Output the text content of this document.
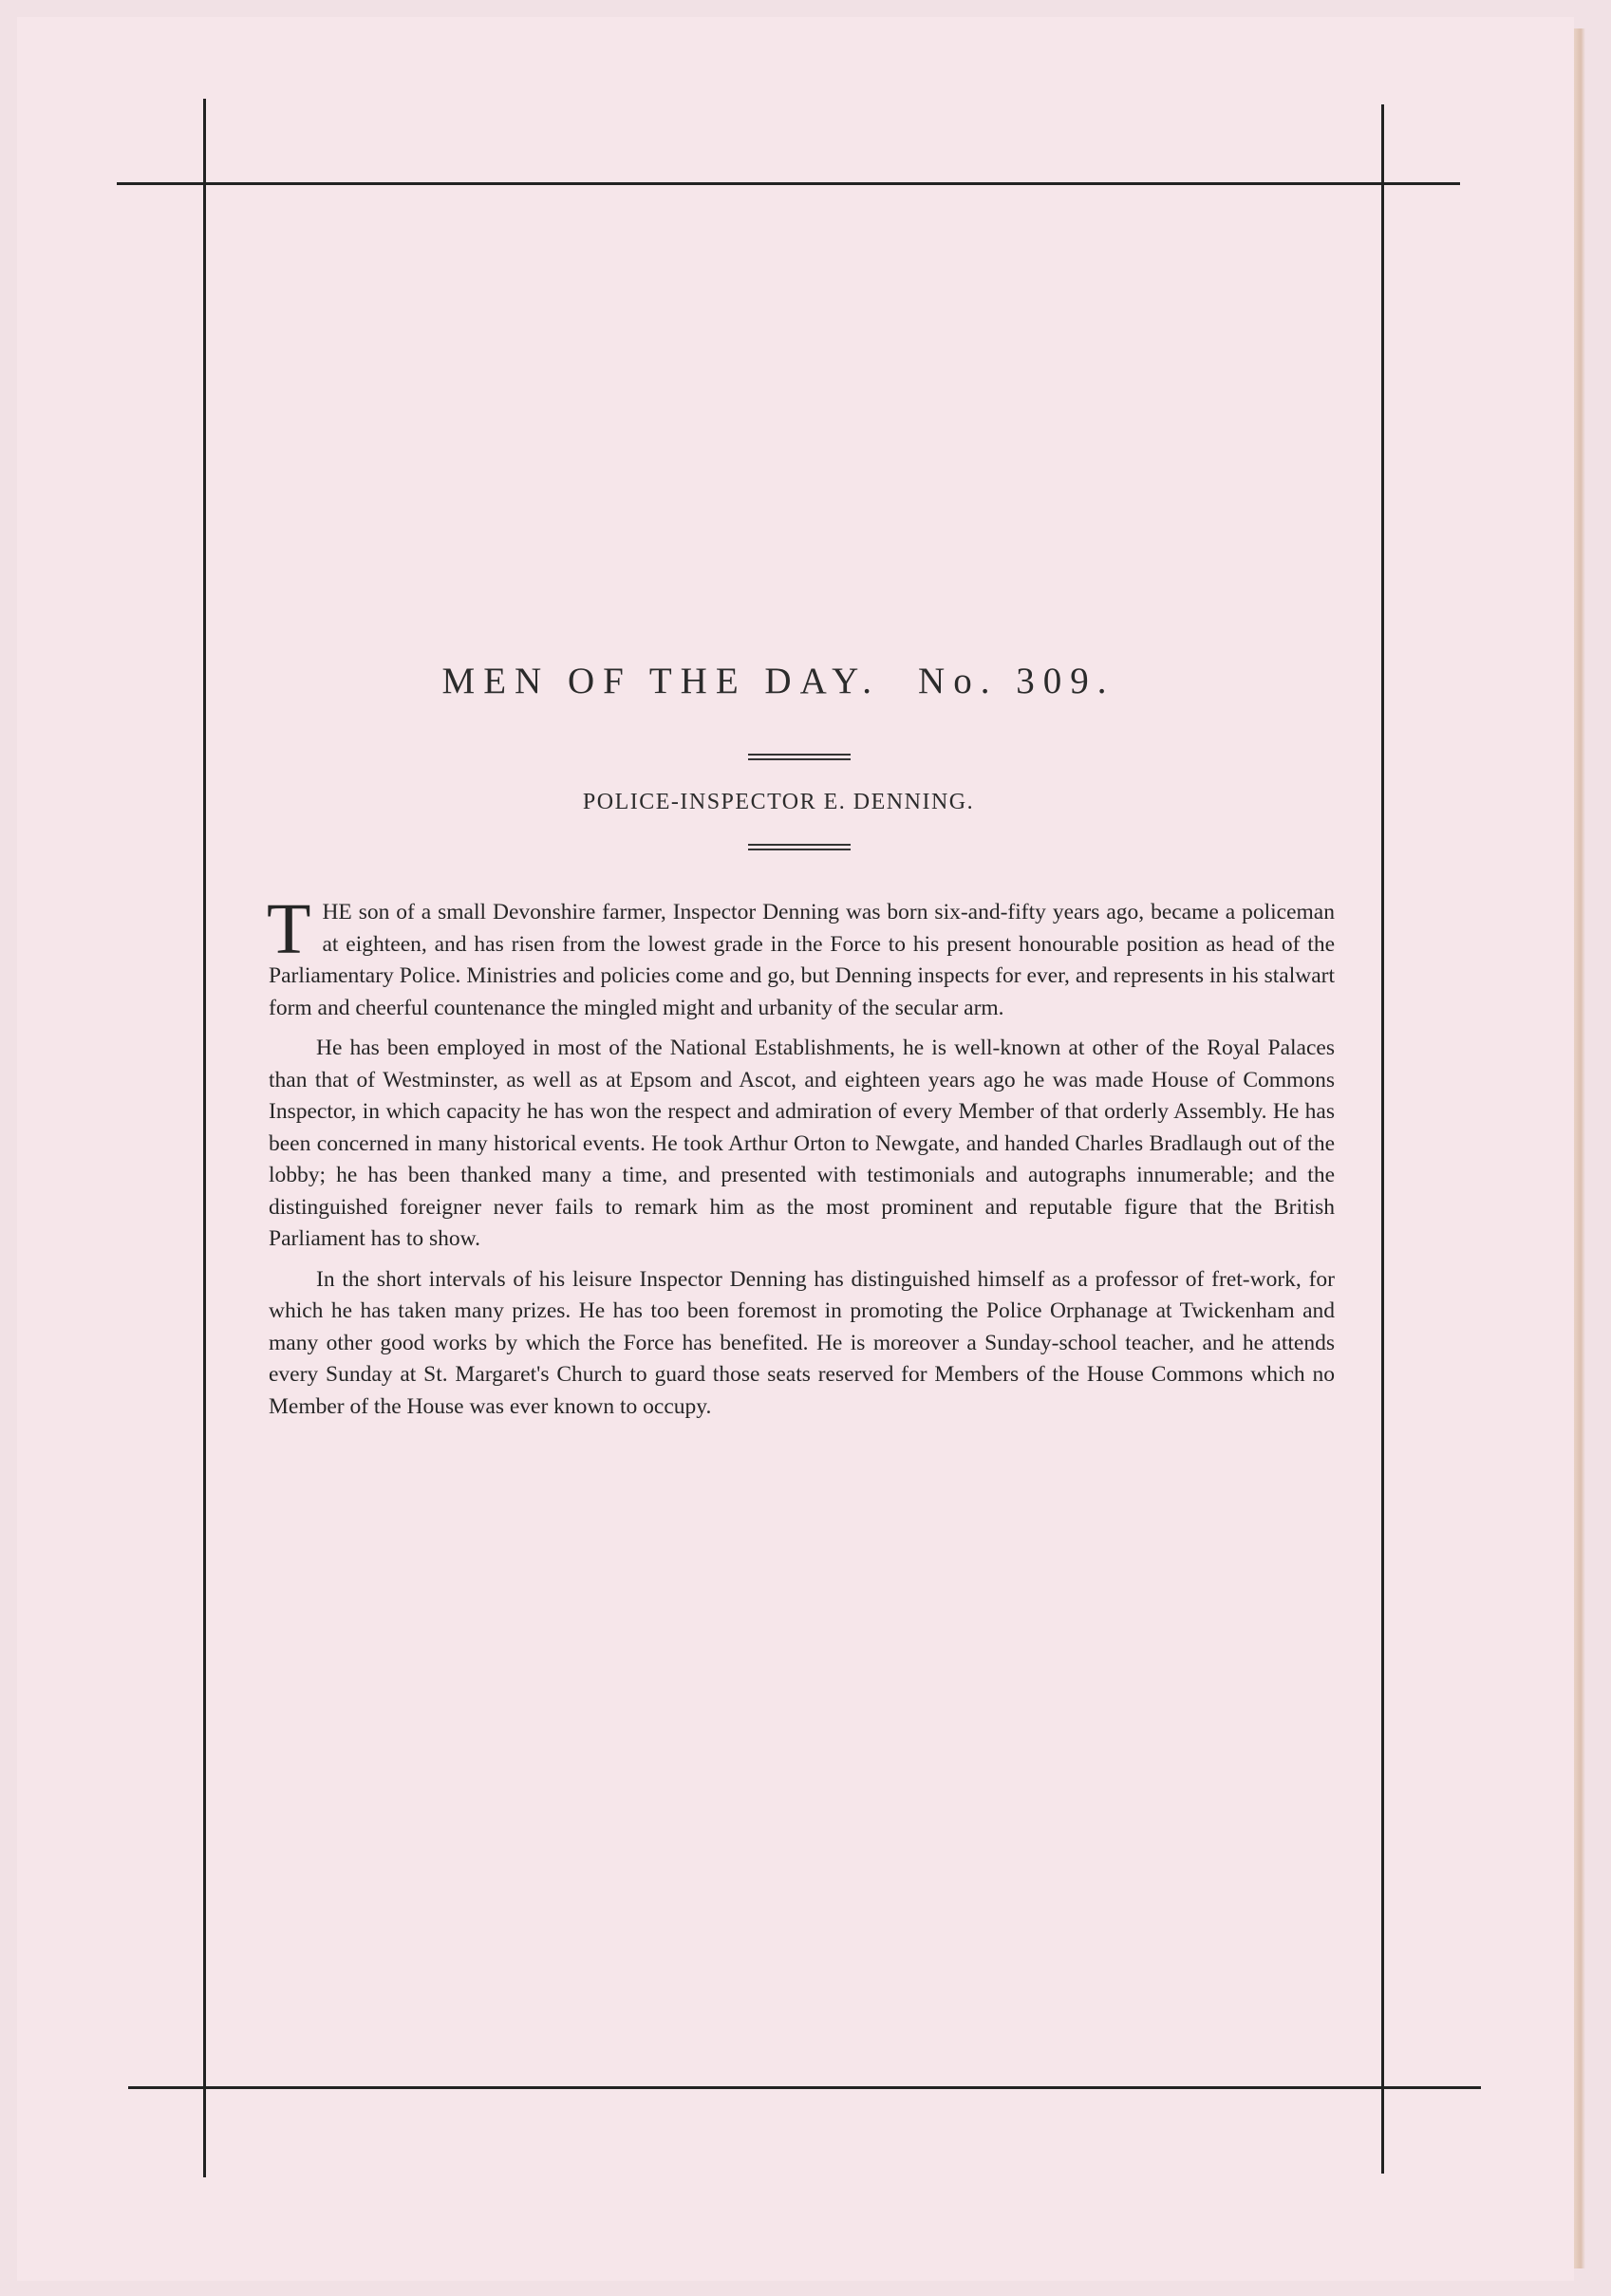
MEN OF THE DAY. No. 309.
POLICE-INSPECTOR E. DENNING.

THE son of a small Devonshire farmer, Inspector Denning was born six-and-fifty years ago, became a policeman at eighteen, and has risen from the lowest grade in the Force to his present honourable position as head of the Parliamentary Police. Ministries and policies come and go, but Denning inspects for ever, and represents in his stalwart form and cheerful countenance the mingled might and urbanity of the secular arm.

He has been employed in most of the National Establishments, he is well-known at other of the Royal Palaces than that of Westminster, as well as at Epsom and Ascot, and eighteen years ago he was made House of Commons Inspector, in which capacity he has won the respect and admiration of every Member of that orderly Assembly. He has been concerned in many historical events. He took Arthur Orton to Newgate, and handed Charles Bradlaugh out of the lobby; he has been thanked many a time, and presented with testimonials and autographs innumerable; and the distinguished foreigner never fails to remark him as the most prominent and reputable figure that the British Parliament has to show.

In the short intervals of his leisure Inspector Denning has distinguished himself as a professor of fret-work, for which he has taken many prizes. He has too been foremost in promoting the Police Orphanage at Twickenham and many other good works by which the Force has benefited. He is moreover a Sunday-school teacher, and he attends every Sunday at St. Margaret's Church to guard those seats reserved for Members of the House Commons which no Member of the House was ever known to occupy.
